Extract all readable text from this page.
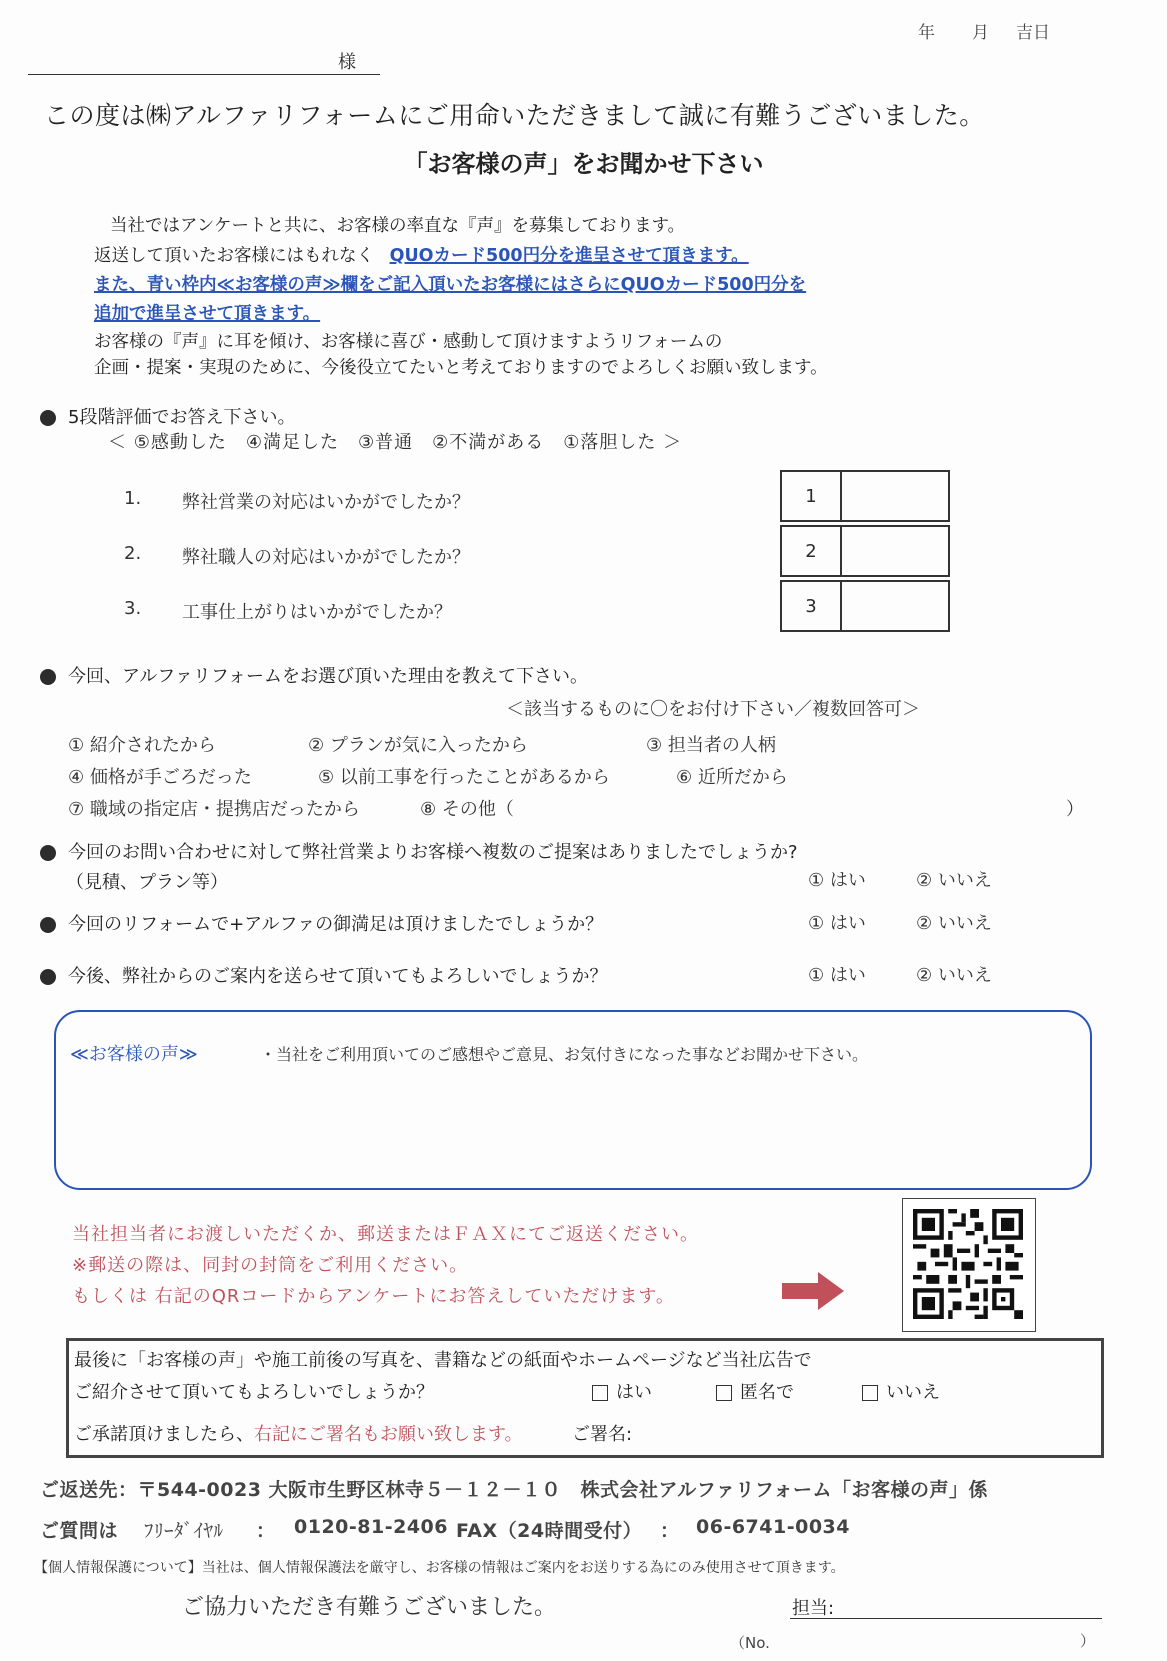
年 月 吉日
様
この度は㈱アルファリフォームにご用命いただきまして誠に有難うございました。
「お客様の声」をお聞かせ下さい
当社ではアンケートと共に、お客様の率直な『声』を募集しております。
返送して頂いたお客様にはもれなく QUOカード500円分を進呈させて頂きます。
また、青い枠内≪お客様の声≫欄をご記入頂いたお客様にはさらにQUOカード500円分を
追加で進呈させて頂きます。
お客様の『声』に耳を傾け、お客様に喜び・感動して頂けますようリフォームの
企画・提案・実現のために、今後役立てたいと考えておりますのでよろしくお願い致します。
5段階評価でお答え下さい。
＜ ⑤感動した　④満足した　③普通　②不満がある　①落胆した ＞
1. 弊社営業の対応はいかがでしたか？	1
2. 弊社職人の対応はいかがでしたか？	2
3. 工事仕上がりはいかがでしたか？	3
今回、アルファリフォームをお選び頂いた理由を教えて下さい。
＜該当するものに〇をお付け下さい／複数回答可＞
① 紹介されたから	② プランが気に入ったから	③ 担当者の人柄
④ 価格が手ごろだった	⑤ 以前工事を行ったことがあるから	⑥ 近所だから
⑦ 職域の指定店・提携店だったから	⑧ その他（	）
今回のお問い合わせに対して弊社営業よりお客様へ複数のご提案はありましたでしょうか?
（見積、プラン等）	① はい	② いいえ
今回のリフォームで+アルファの御満足は頂けましたでしょうか？	① はい	② いいえ
今後、弊社からのご案内を送らせて頂いてもよろしいでしょうか？	① はい	② いいえ
≪お客様の声≫	・当社をご利用頂いてのご感想やご意見、お気付きになった事などお聞かせ下さい。
当社担当者にお渡しいただくか、郵送またはＦＡＸにてご返送ください。
※郵送の際は、同封の封筒をご利用ください。
もしくは 右記のQRコードからアンケートにお答えしていただけます。
最後に「お客様の声」や施工前後の写真を、書籍などの紙面やホームページなど当社広告で
ご紹介させて頂いてもよろしいでしょうか？	はい	匿名で	いいえ
ご承諾頂けましたら、右記にご署名もお願い致します。	ご署名:
ご返送先：〒544-0023 大阪市生野区林寺５－１２－１０　株式会社アルファリフォーム「お客様の声」係
ご質問は ﾌﾘｰﾀﾞｲﾔﾙ ： 0120-81-2406 FAX（24時間受付） ： 06-6741-0034
【個人情報保護について】当社は、個人情報保護法を厳守し、お客様の情報はご案内をお送りする為にのみ使用させて頂きます。
ご協力いただき有難うございました。	担当:
（No.	）
